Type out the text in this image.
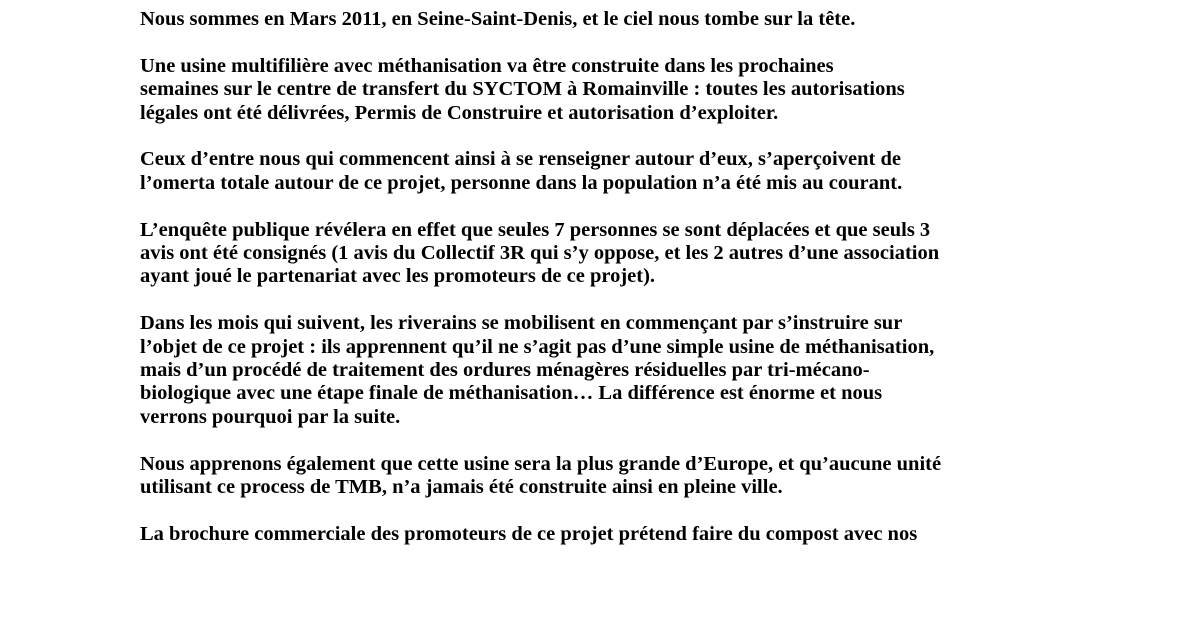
Nous sommes en Mars 2011, en Seine-Saint-Denis, et le ciel nous tombe sur la tête.

Une usine multifilière avec méthanisation va être construite dans les prochaines
semaines sur le centre de transfert du SYCTOM à Romainville : toutes les autorisations
légales ont été délivrées, Permis de Construire et autorisation d’exploiter.

Ceux d’entre nous qui commencent ainsi à se renseigner autour d’eux, s’aperçoivent de
l’omerta totale autour de ce projet, personne dans la population n’a été mis au courant.

L’enquête publique révélera en effet que seules 7 personnes se sont déplacées et que seuls 3
avis ont été consignés (1 avis du Collectif 3R qui s’y oppose, et les 2 autres d’une association
ayant joué le partenariat avec les promoteurs de ce projet).

Dans les mois qui suivent, les riverains se mobilisent en commençant par s’instruire sur
l’objet de ce projet : ils apprennent qu’il ne s’agit pas d’une simple usine de méthanisation,
mais d’un procédé de traitement des ordures ménagères résiduelles par tri-mécano-
biologique avec une étape finale de méthanisation… La différence est énorme et nous
verrons pourquoi par la suite.

Nous apprenons également que cette usine sera la plus grande d’Europe, et qu’aucune unité
utilisant ce process de TMB, n’a jamais été construite ainsi en pleine ville.

La brochure commerciale des promoteurs de ce projet prétend faire du compost avec nos
